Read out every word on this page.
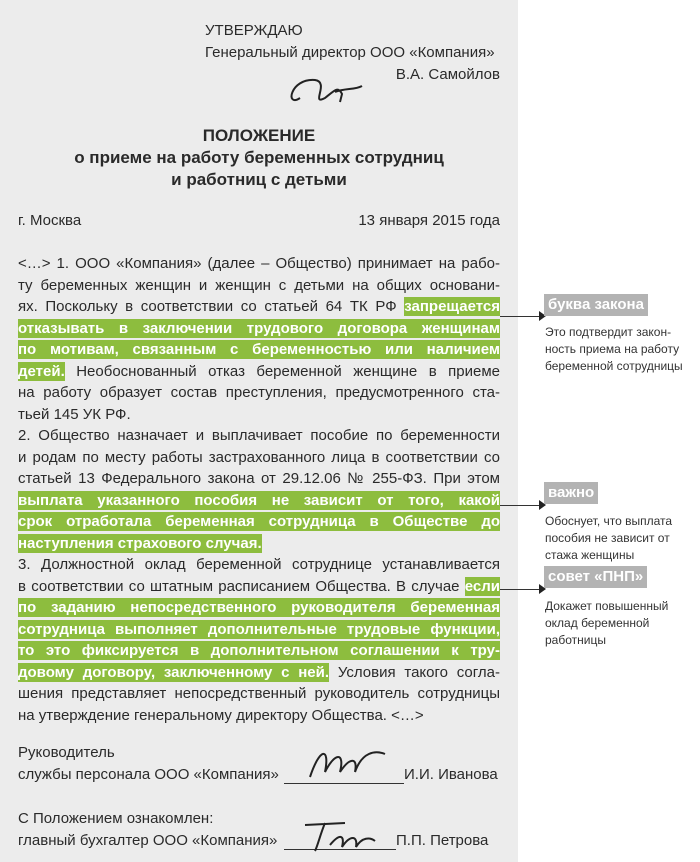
УТВЕРЖДАЮ
Генеральный директор ООО «Компания»
В.А. Самойлов
ПОЛОЖЕНИЕ
о приеме на работу беременных сотрудниц
и работниц с детьми
г. Москва	13 января 2015 года
<…> 1. ООО «Компания» (далее – Общество) принимает на рабо-
ту беременных женщин и женщин с детьми на общих основани-
ях. Поскольку в соответствии со статьей 64 ТК РФ запрещается
отказывать в заключении трудового договора женщинам
по мотивам, связанным с беременностью или наличием
детей. Необоснованный отказ беременной женщине в приеме
на работу образует состав преступления, предусмотренного ста-
тьей 145 УК РФ.
2. Общество назначает и выплачивает пособие по беременности
и родам по месту работы застрахованного лица в соответствии со
статьей 13 Федерального закона от 29.12.06 № 255-ФЗ. При этом
выплата указанного пособия не зависит от того, какой
срок отработала беременная сотрудница в Обществе до
наступления страхового случая.
3. Должностной оклад беременной сотруднице устанавливается
в соответствии со штатным расписанием Общества. В случае если
по заданию непосредственного руководителя беременная
сотрудница выполняет дополнительные трудовые функции,
то это фиксируется в дополнительном соглашении к тру-
довому договору, заключенному с ней. Условия такого согла-
шения представляет непосредственный руководитель сотрудницы
на утверждение генеральному директору Общества. <…>
Руководитель
службы персонала ООО «Компания»	И.И. Иванова
С Положением ознакомлен:
главный бухгалтер ООО «Компания»	П.П. Петрова
буква закона
Это подтвердит закон-
ность приема на работу
беременной сотрудницы
важно
Обоснует, что выплата
пособия не зависит от
стажа женщины
совет «ПНП»
Докажет повышенный
оклад беременной
работницы
